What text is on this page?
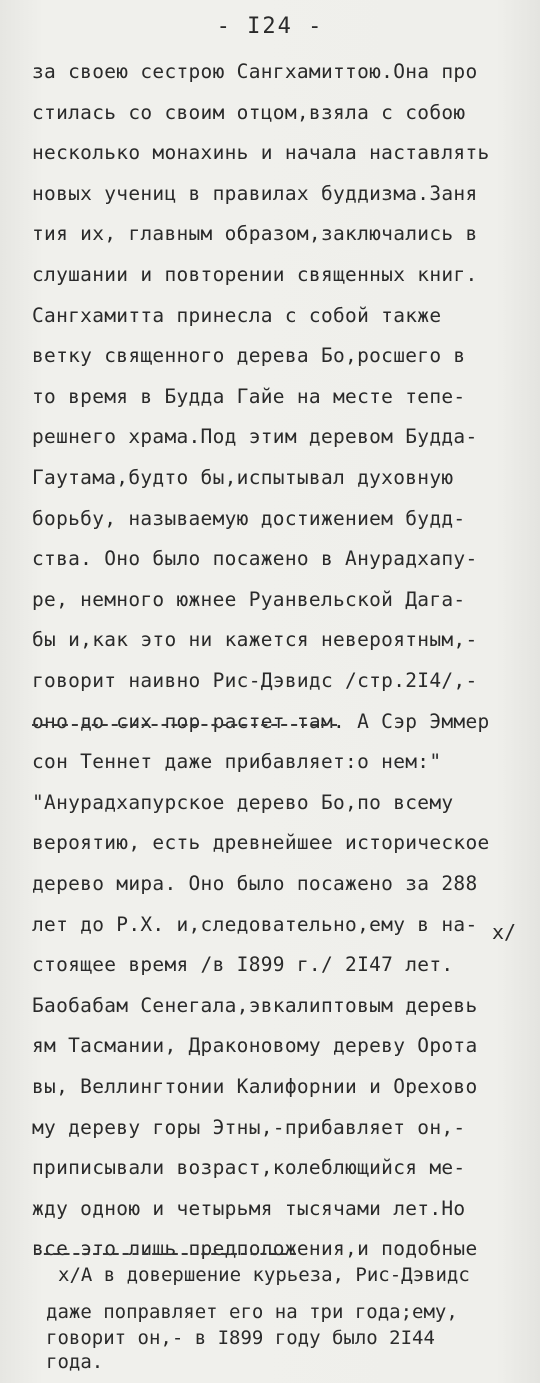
- I24 -
за своею сестрою Сангхамиттою.Она про
стилась со своим отцом,взяла с собою
несколько монахинь и начала наставлять
новых учениц в правилах буддизма.Заня
тия их, главным образом,заключались в
слушании и повторении священных книг.
Сангхамитта принесла с собой также
ветку священного дерева Бо,росшего в
то время в Будда Гайе на месте тепе-
решнего храма.Под этим деревом Будда-
Гаутама,будто бы,испытывал духовную
борьбу, называемую достижением будд-
ства. Оно было посажено в Анурадхапу-
ре, немного южнее Руанвельской Дага-
бы и,как это ни кажется невероятным,-
говорит наивно Рис-Дэвидс /стр.2I4/,-
оно до сих пор растет там. А Сэр Эммер
сон Теннет даже прибавляет:о нем:"
"Анурадхапурское дерево Бо,по всему
вероятию, есть древнейшее историческое
дерево мира. Оно было посажено за 288
лет до Р.Х. и,следовательно,ему в на-
стоящее время /в I899 г./ 2I47 лет.
Баобабам Сенегала,эвкалиптовым деревь
ям Тасмании, Драконовому дереву Орота
вы, Веллингтонии Калифорнии и Орехово
му дереву горы Этны,-прибавляет он,-
приписывали возраст,колеблющийся ме-
жду одною и четырьмя тысячами лет.Но
все это лишь предположения,и подобные
x/
x/А в довершение курьеза, Рис-Дэвидс
даже поправляет его на три года;ему,
говорит он,- в I899 году было 2I44
года.
